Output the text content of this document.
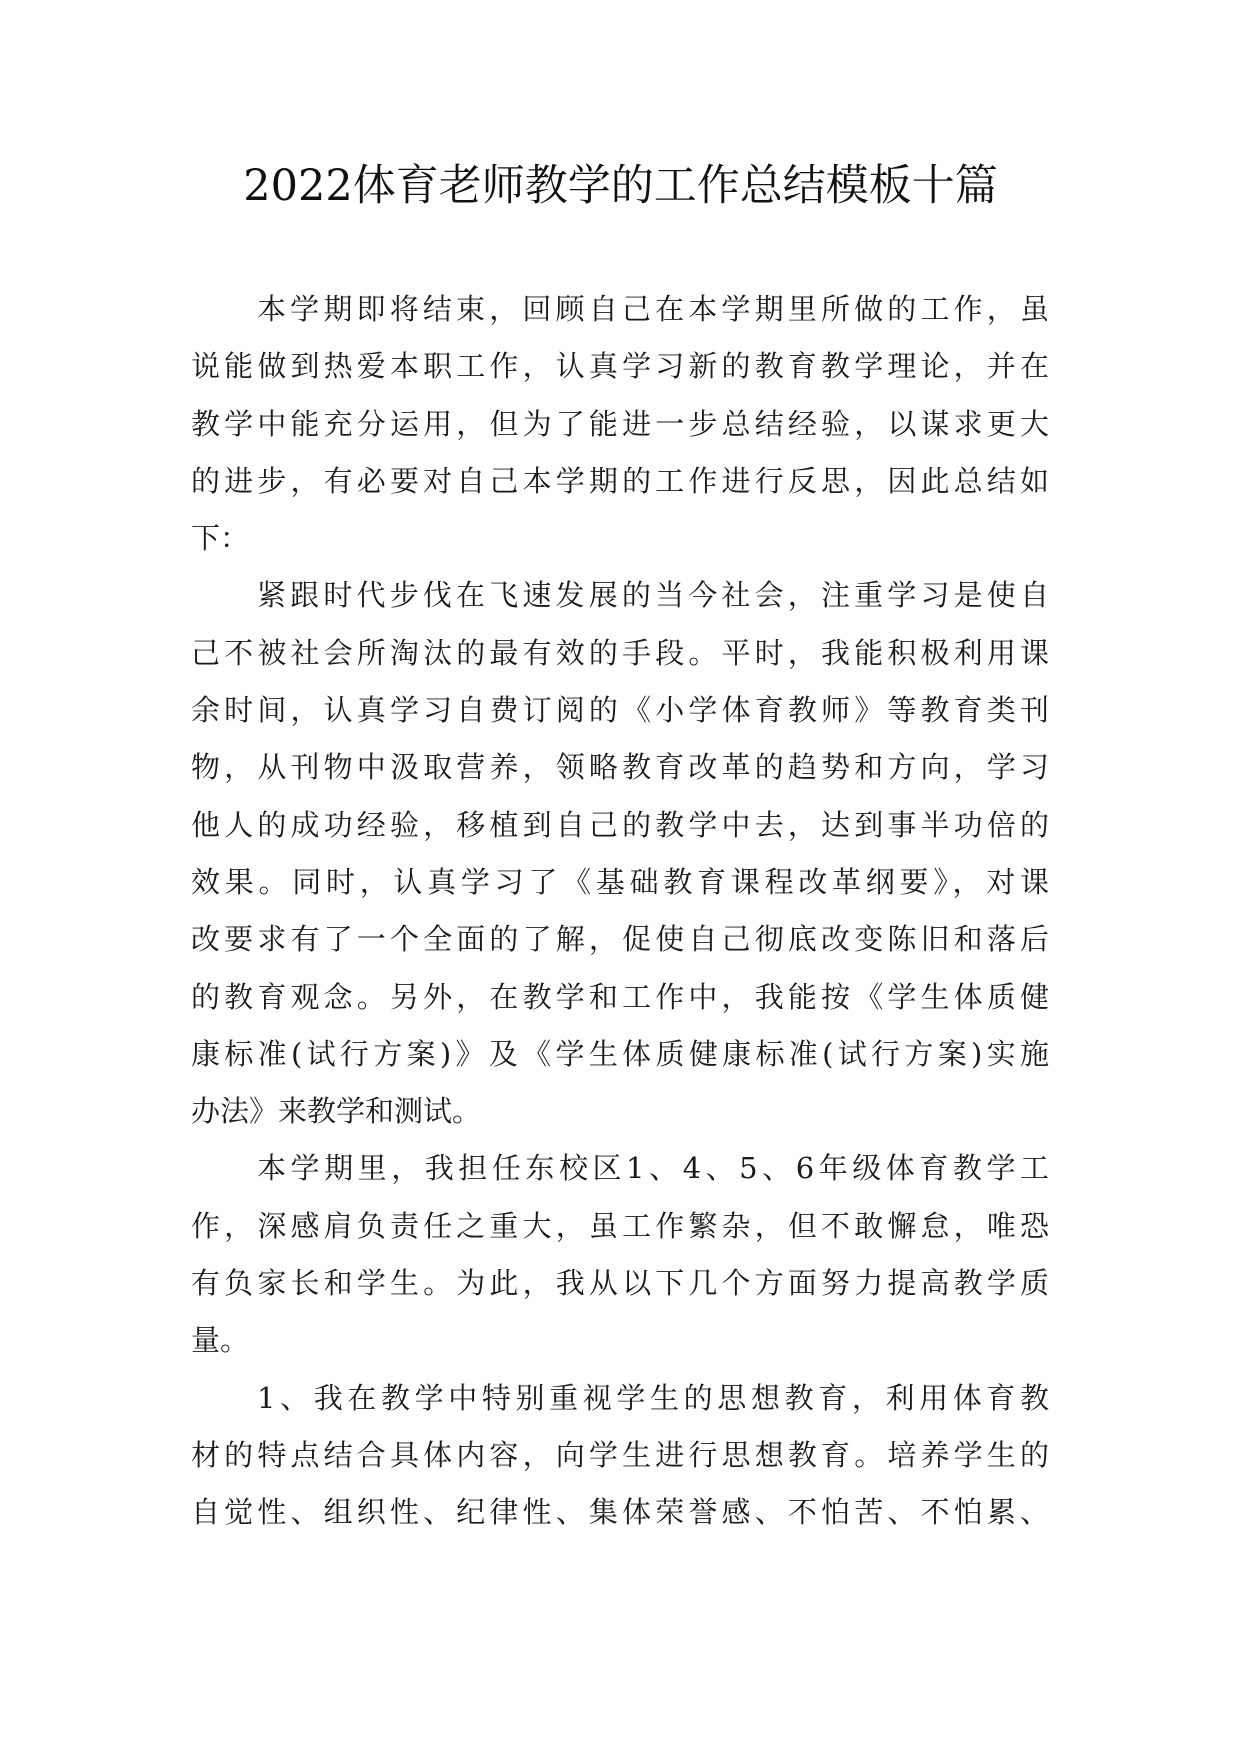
2022体育老师教学的工作总结模板十篇

本学期即将结束，回顾自己在本学期里所做的工作，虽
说能做到热爱本职工作，认真学习新的教育教学理论，并在
教学中能充分运用，但为了能进一步总结经验，以谋求更大
的进步，有必要对自己本学期的工作进行反思，因此总结如
下：

紧跟时代步伐在飞速发展的当今社会，注重学习是使自
己不被社会所淘汰的最有效的手段。平时，我能积极利用课
余时间，认真学习自费订阅的《小学体育教师》等教育类刊
物，从刊物中汲取营养，领略教育改革的趋势和方向，学习
他人的成功经验，移植到自己的教学中去，达到事半功倍的
效果。同时，认真学习了《基础教育课程改革纲要》，对课
改要求有了一个全面的了解，促使自己彻底改变陈旧和落后
的教育观念。另外，在教学和工作中，我能按《学生体质健
康标准(试行方案)》及《学生体质健康标准(试行方案)实施
办法》来教学和测试。

本学期里，我担任东校区1、4、5、6年级体育教学工
作，深感肩负责任之重大，虽工作繁杂，但不敢懈怠，唯恐
有负家长和学生。为此，我从以下几个方面努力提高教学质
量。

1、我在教学中特别重视学生的思想教育，利用体育教
材的特点结合具体内容，向学生进行思想教育。培养学生的
自觉性、组织性、纪律性、集体荣誉感、不怕苦、不怕累、
